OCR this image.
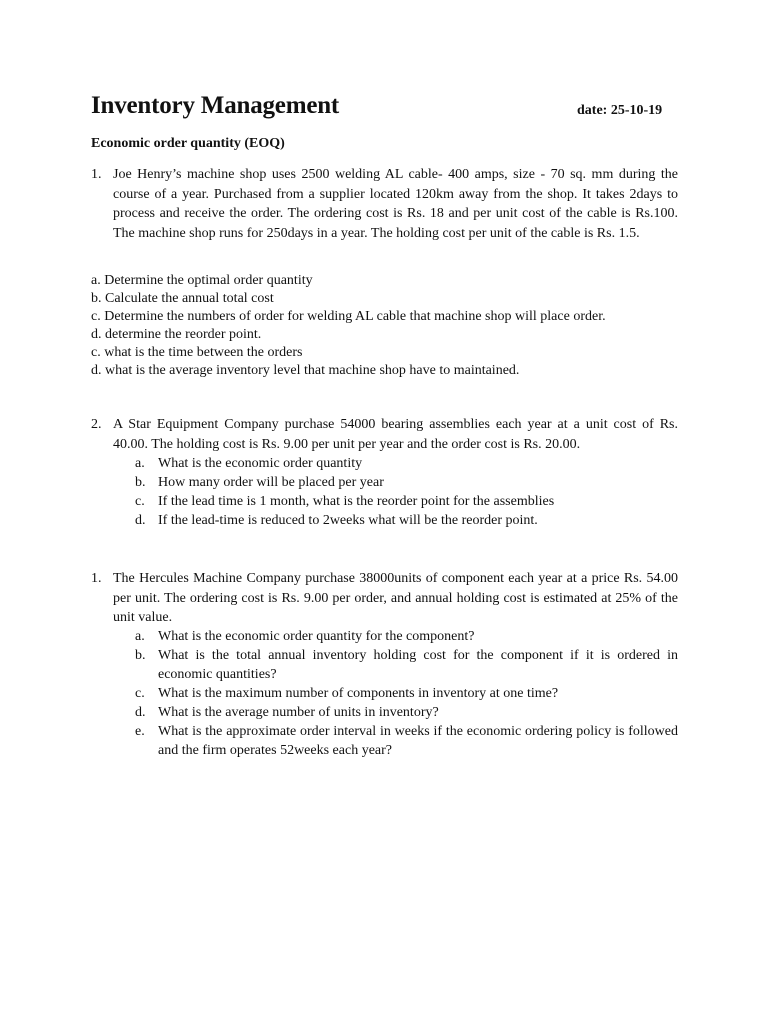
Inventory Management	date: 25-10-19
Economic order quantity (EOQ)
1. Joe Henry’s machine shop uses 2500 welding AL cable- 400 amps, size - 70 sq. mm during the course of a year. Purchased from a supplier located 120km away from the shop. It takes 2days to process and receive the order. The ordering cost is Rs. 18 and per unit cost of the cable is Rs.100. The machine shop runs for 250days in a year. The holding cost per unit of the cable is Rs. 1.5.
a. Determine the optimal order quantity
b. Calculate the annual total cost
c. Determine the numbers of order for welding AL cable that machine shop will place order.
d. determine the reorder point.
c. what is the time between the orders
d. what is the average inventory level that machine shop have to maintained.
2. A Star Equipment Company purchase 54000 bearing assemblies each year at a unit cost of Rs. 40.00. The holding cost is Rs. 9.00 per unit per year and the order cost is Rs. 20.00.
a. What is the economic order quantity
b. How many order will be placed per year
c. If the lead time is 1 month, what is the reorder point for the assemblies
d. If the lead-time is reduced to 2weeks what will be the reorder point.
1. The Hercules Machine Company purchase 38000units of component each year at a price Rs. 54.00 per unit. The ordering cost is Rs. 9.00 per order, and annual holding cost is estimated at 25% of the unit value.
a. What is the economic order quantity for the component?
b. What is the total annual inventory holding cost for the component if it is ordered in economic quantities?
c. What is the maximum number of components in inventory at one time?
d. What is the average number of units in inventory?
e. What is the approximate order interval in weeks if the economic ordering policy is followed and the firm operates 52weeks each year?
